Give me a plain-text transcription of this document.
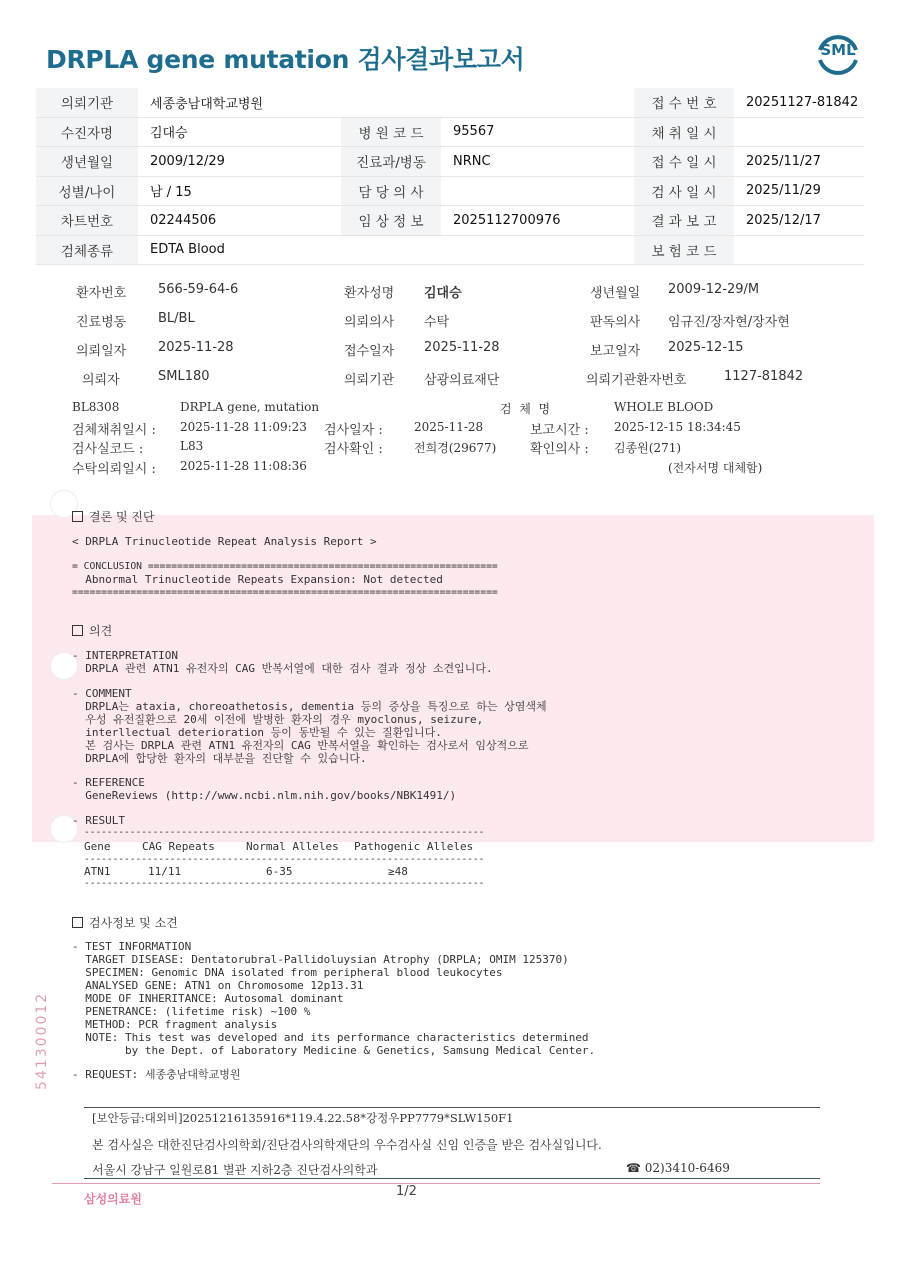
DRPLA gene mutation 검사결과보고서	SML
의뢰기관	세종충남대학교병원				접 수 번 호	20251127-81842
수진자명	김대승	병 원 코 드	95567		채 취 일 시	
생년월일	2009/12/29	진료과/병동	NRNC		접 수 일 시	2025/11/27
성별/나이	남 / 15	담 당 의 사			검 사 일 시	2025/11/29
차트번호	02244506	임 상 정 보	2025112700976		결 과 보 고	2025/12/17
검체종류	EDTA Blood				보 험 코 드	
환자번호 566-59-64-6	환자성명 김대승	생년월일 2009-12-29/M
진료병동 BL/BL	의뢰의사 수탁	판독의사 임규진/장자현/장자현
의뢰일자 2025-11-28	접수일자 2025-11-28	보고일자 2025-12-15
의뢰자	SML180	의뢰기관 삼광의료재단	의뢰기관환자번호	1127-81842
BL8308	DRPLA gene, mutation	검  체  명	WHOLE BLOOD
검체채취일시 : 2025-11-28 11:09:23 검사일자 :	2025-11-28	보고시간 : 2025-12-15 18:34:45
검사실코드 :	L83	검사확인 :	전희경(29677)	확인의사 : 김종원(271)
수탁의뢰일시 : 2025-11-28 11:08:36	(전자서명 대체함)
결론 및 진단
< DRPLA Trinucleotide Repeat Analysis Report >
= CONCLUSION ============================================================
Abnormal Trinucleotide Repeats Expansion: Not detected
=========================================================================
의견
- INTERPRETATION
DRPLA 관련 ATN1 유전자의 CAG 반복서열에 대한 검사 결과 정상 소견입니다.
- COMMENT
DRPLA는 ataxia, choreoathetosis, dementia 등의 증상을 특징으로 하는 상염색체
우성 유전질환으로 20세 이전에 발병한 환자의 경우 myoclonus, seizure,
interllectual deterioration 등이 동반될 수 있는 질환입니다.
본 검사는 DRPLA 관련 ATN1 유전자의 CAG 반복서열을 확인하는 검사로서 임상적으로
DRPLA에 합당한 환자의 대부분을 진단할 수 있습니다.
- REFERENCE
GeneReviews (http://www.ncbi.nlm.nih.gov/books/NBK1491/)
- RESULT
----------------------------------------------------------------------
Gene	CAG Repeats	Normal Alleles Pathogenic Alleles
----------------------------------------------------------------------
ATN1	11/11	6-35	≥48
----------------------------------------------------------------------
검사정보 및 소견
- TEST INFORMATION
TARGET DISEASE: Dentatorubral-Pallidoluysian Atrophy (DRPLA; OMIM 125370)
SPECIMEN: Genomic DNA isolated from peripheral blood leukocytes
ANALYSED GENE: ATN1 on Chromosome 12p13.31
MODE OF INHERITANCE: Autosomal dominant
PENETRANCE: (lifetime risk) ~100 %
METHOD: PCR fragment analysis
NOTE: This test was developed and its performance characteristics determined
by the Dept. of Laboratory Medicine & Genetics, Samsung Medical Center.
- REQUEST: 세종충남대학교병원
541300012
[보안등급:대외비]20251216135916*119.4.22.58*강정우PP7779*SLW150F1
본 검사실은 대한진단검사의학회/진단검사의학재단의 우수검사실 신임 인증을 받은 검사실입니다.
서울시 강남구 일원로81 별관 지하2층 진단검사의학과	☎ 02)3410-6469
삼성의료원	1/2
